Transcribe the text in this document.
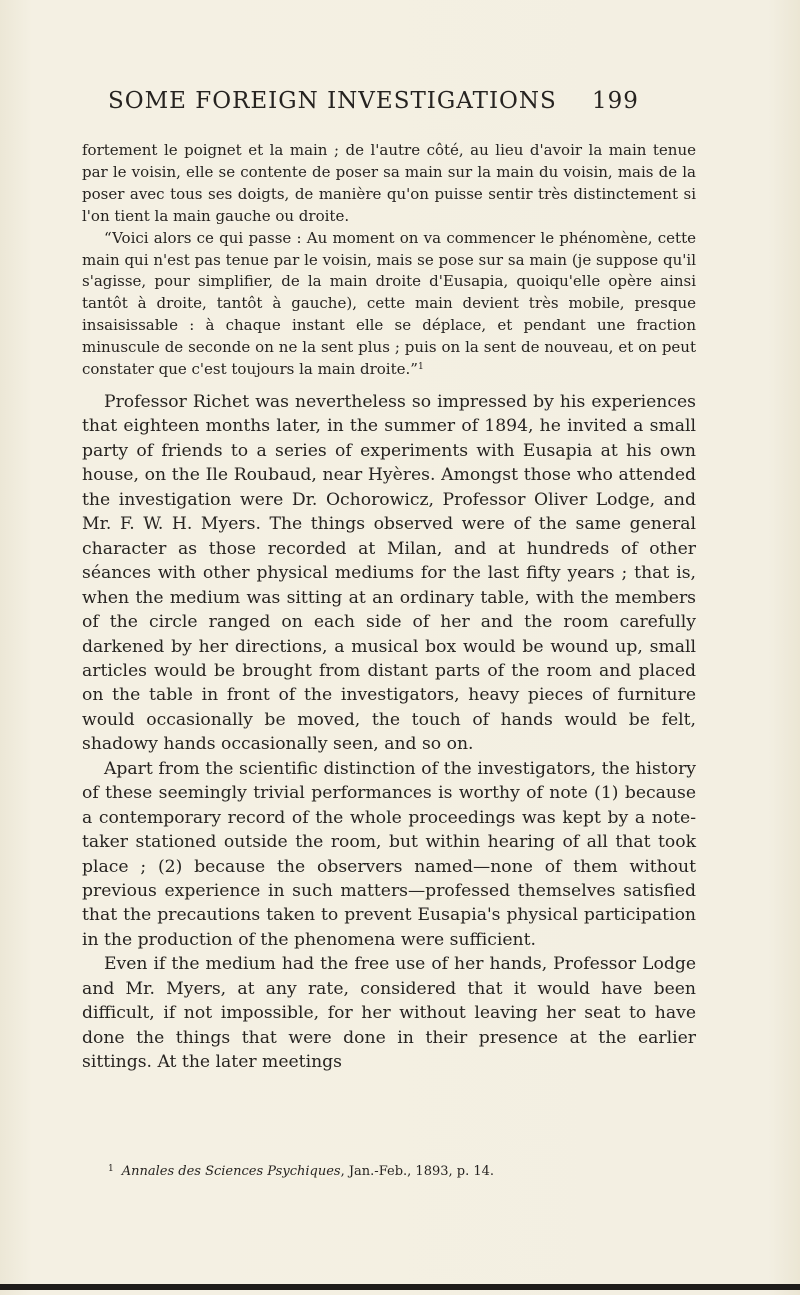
SOME FOREIGN INVESTIGATIONS 199

fortement le poignet et la main ; de l'autre côté, au lieu d'avoir la main tenue par le voisin, elle se contente de poser sa main sur la main du voisin, mais de la poser avec tous ses doigts, de manière qu'on puisse sentir très distinctement si l'on tient la main gauche ou droite.

“Voici alors ce qui passe : Au moment on va commencer le phénomène, cette main qui n'est pas tenue par le voisin, mais se pose sur sa main (je suppose qu'il s'agisse, pour simplifier, de la main droite d'Eusapia, quoiqu'elle opère ainsi tantôt à droite, tantôt à gauche), cette main devient très mobile, presque insaisissable : à chaque instant elle se déplace, et pendant une fraction minuscule de seconde on ne la sent plus ; puis on la sent de nouveau, et on peut constater que c'est toujours la main droite.”$^1$

Professor Richet was nevertheless so impressed by his experiences that eighteen months later, in the summer of 1894, he invited a small party of friends to a series of experiments with Eusapia at his own house, on the Ile Roubaud, near Hyères. Amongst those who attended the investigation were Dr. Ochorowicz, Professor Oliver Lodge, and Mr. F. W. H. Myers. The things observed were of the same general character as those recorded at Milan, and at hundreds of other séances with other physical mediums for the last fifty years ; that is, when the medium was sitting at an ordinary table, with the members of the circle ranged on each side of her and the room carefully darkened by her directions, a musical box would be wound up, small articles would be brought from distant parts of the room and placed on the table in front of the investigators, heavy pieces of furniture would occasionally be moved, the touch of hands would be felt, shadowy hands occasionally seen, and so on.

Apart from the scientific distinction of the investigators, the history of these seemingly trivial performances is worthy of note (1) because a contemporary record of the whole proceedings was kept by a note-taker stationed outside the room, but within hearing of all that took place ; (2) because the observers named—none of them without previous experience in such matters—professed themselves satisfied that the precautions taken to prevent Eusapia's physical participation in the production of the phenomena were sufficient.

Even if the medium had the free use of her hands, Professor Lodge and Mr. Myers, at any rate, considered that it would have been difficult, if not impossible, for her without leaving her seat to have done the things that were done in their presence at the earlier sittings. At the later meetings

$^1$ Annales des Sciences Psychiques, Jan.-Feb., 1893, p. 14.
